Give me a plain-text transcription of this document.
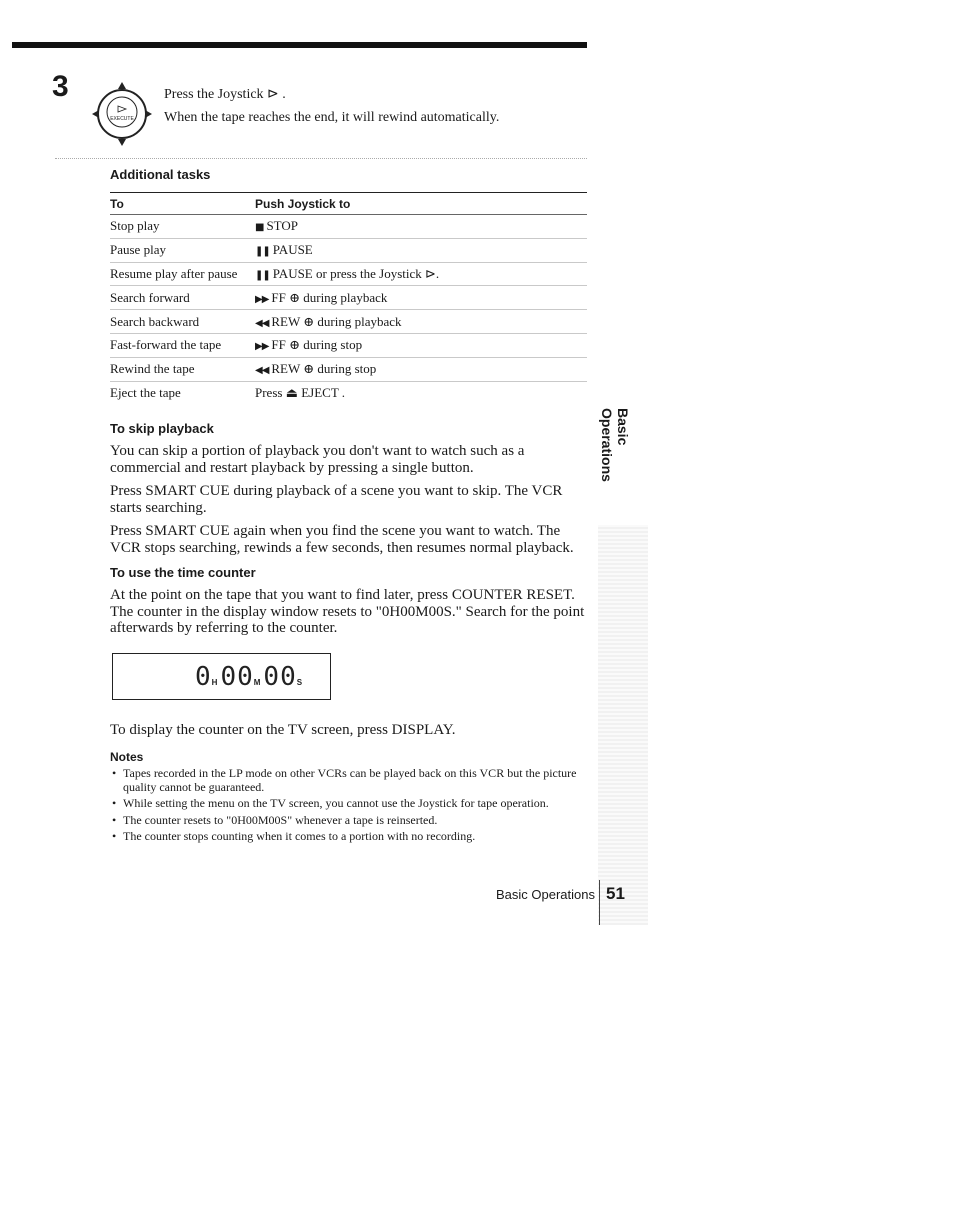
3
EXECUTE
Press the Joystick ⊳ .
When the tape reaches the end, it will rewind automatically.
Additional tasks
To	Push Joystick to
Stop play	■ STOP
Pause play	❚❚ PAUSE
Resume play after pause	❚❚ PAUSE or press the Joystick ⊳.
Search forward	▶▶ FF ⊕ during playback
Search backward	◀◀ REW ⊕ during playback
Fast-forward the tape	▶▶ FF ⊕ during stop
Rewind the tape	◀◀ REW ⊕ during stop
Eject the tape	Press ⏏ EJECT .
To skip playback

You can skip a portion of playback you don't want to watch such as a commercial and restart playback by pressing a single button.

Press SMART CUE during playback of a scene you want to skip. The VCR starts searching.

Press SMART CUE again when you find the scene you want to watch. The VCR stops searching, rewinds a few seconds, then resumes normal playback.

To use the time counter

At the point on the tape that you want to find later, press COUNTER RESET. The counter in the display window resets to "0H00M00S." Search for the point afterwards by referring to the counter.

0H00M00S

To display the counter on the TV screen, press DISPLAY.

Notes
• Tapes recorded in the LP mode on other VCRs can be played back on this VCR but the picture quality cannot be guaranteed.
• While setting the menu on the TV screen, you cannot use the Joystick for tape operation.
• The counter resets to "0H00M00S" whenever a tape is reinserted.
• The counter stops counting when it comes to a portion with no recording.
Basic Operations
Basic Operations 51
